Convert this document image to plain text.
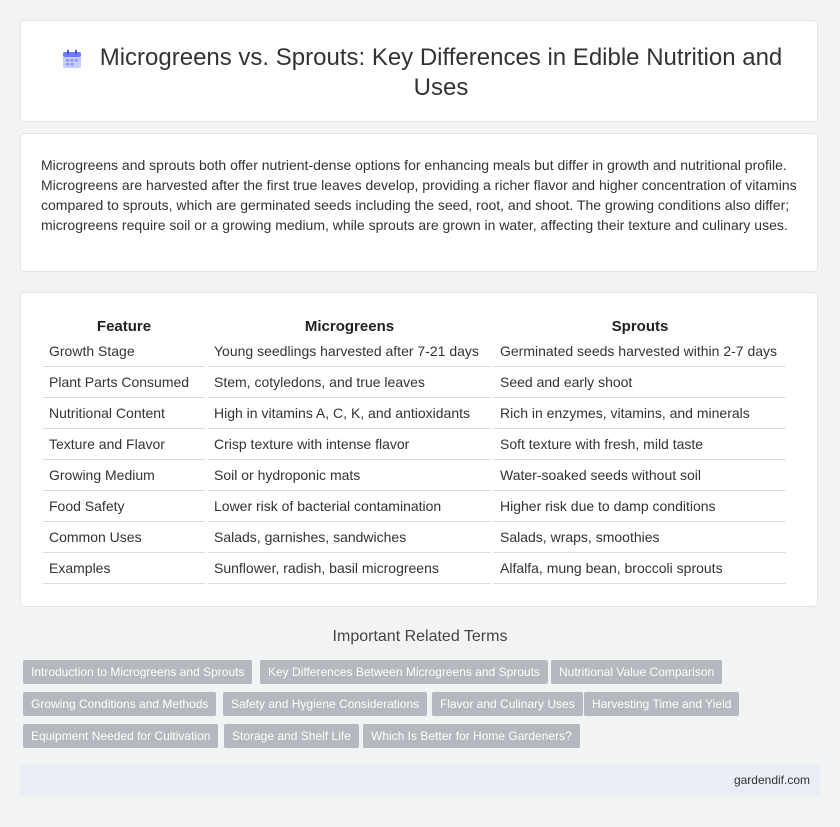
Microgreens vs. Sprouts: Key Differences in Edible Nutrition and Uses

Microgreens and sprouts both offer nutrient-dense options for enhancing meals but differ in growth and nutritional profile. Microgreens are harvested after the first true leaves develop, providing a richer flavor and higher concentration of vitamins compared to sprouts, which are germinated seeds including the seed, root, and shoot. The growing conditions also differ; microgreens require soil or a growing medium, while sprouts are grown in water, affecting their texture and culinary uses.

Feature		Microgreens		Sprouts
Growth Stage		Young seedlings harvested after 7-21 days		Germinated seeds harvested within 2-7 days
Plant Parts Consumed		Stem, cotyledons, and true leaves		Seed and early shoot
Nutritional Content		High in vitamins A, C, K, and antioxidants		Rich in enzymes, vitamins, and minerals
Texture and Flavor		Crisp texture with intense flavor		Soft texture with fresh, mild taste
Growing Medium		Soil or hydroponic mats		Water-soaked seeds without soil
Food Safety		Lower risk of bacterial contamination		Higher risk due to damp conditions
Common Uses		Salads, garnishes, sandwiches		Salads, wraps, smoothies
Examples		Sunflower, radish, basil microgreens		Alfalfa, mung bean, broccoli sprouts
Important Related Terms
Introduction to Microgreens and Sprouts	Key Differences Between Microgreens and Sprouts	Nutritional Value Comparison
Growing Conditions and Methods	Safety and Hygiene Considerations	Flavor and Culinary Uses	Harvesting Time and Yield
Equipment Needed for Cultivation	Storage and Shelf Life	Which Is Better for Home Gardeners?
gardendif.com
